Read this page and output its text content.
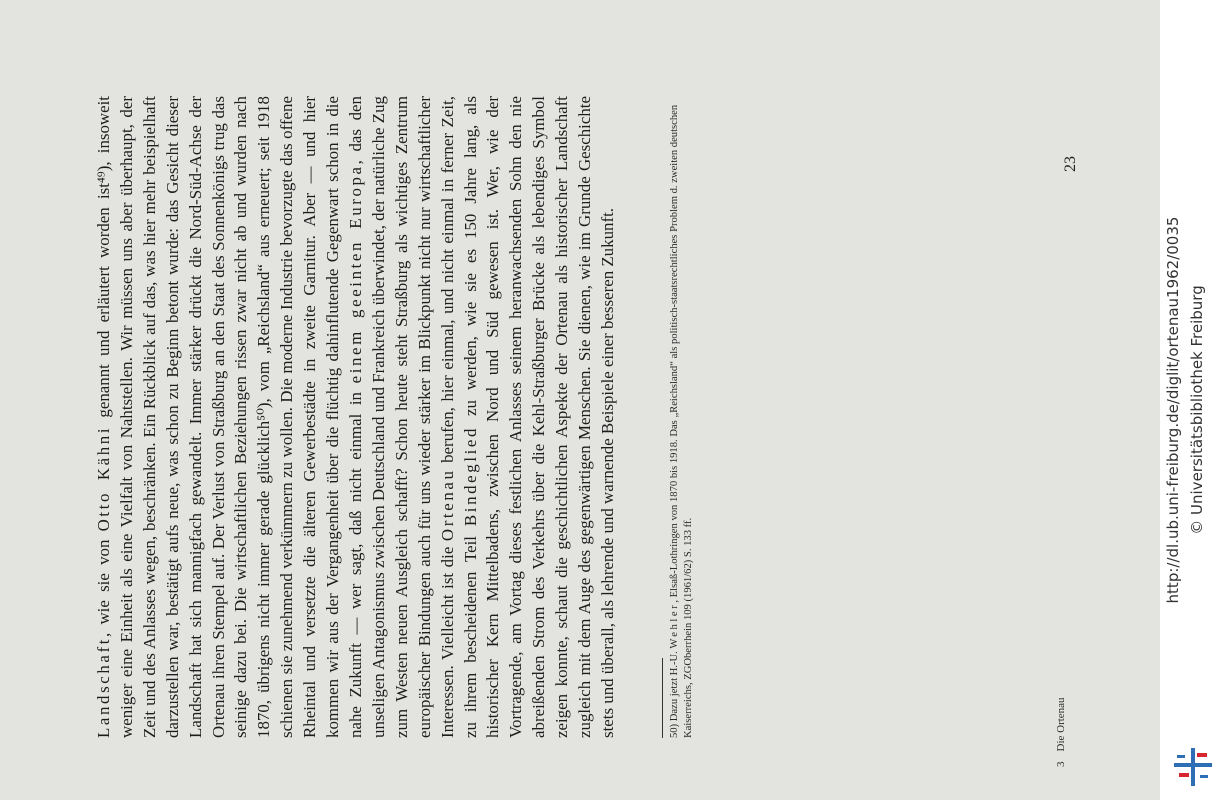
Landschaft, wie sie von Otto Kähni genannt und erläutert worden ist⁴⁹), insoweit weniger eine Einheit als eine Vielfalt von Nahtstellen. Wir müssen uns aber überhaupt, der Zeit und des Anlasses wegen, beschränken. Ein Rückblick auf das, was hier mehr beispielhaft darzustellen war, bestätigt aufs neue, was schon zu Beginn betont wurde: das Gesicht dieser Landschaft hat sich mannigfach gewandelt. Immer stärker drückt die Nord-Süd-Achse der Ortenau ihren Stempel auf. Der Verlust von Straßburg an den Staat des Sonnenkönigs trug das seinige dazu bei. Die wirtschaftlichen Beziehungen rissen zwar nicht ab und wurden nach 1870, übrigens nicht immer gerade glücklich⁵⁰), vom „Reichsland“ aus erneuert; seit 1918 schienen sie zunehmend verkümmern zu wollen. Die moderne Industrie bevorzugte das offene Rheintal und versetzte die älteren Gewerbestädte in zweite Garnitur. Aber — und hier kommen wir aus der Vergangenheit über die flüchtig dahinflutende Gegenwart schon in die nahe Zukunft — wer sagt, daß nicht einmal in einem geeinten Europa, das den unseligen Antagonismus zwischen Deutschland und Frankreich überwindet, der natürliche Zug zum Westen neuen Ausgleich schafft? Schon heute steht Straßburg als wichtiges Zentrum europäischer Bindungen auch für uns wieder stärker im Blickpunkt nicht nur wirtschaftlicher Interessen. Vielleicht ist die Ortenau berufen, hier einmal, und nicht einmal in ferner Zeit, zu ihrem bescheidenen Teil Bindeglied zu werden, wie sie es 150 Jahre lang, als historischer Kern Mittelbadens, zwischen Nord und Süd gewesen ist. Wer, wie der Vortragende, am Vortag dieses festlichen Anlasses seinem heranwachsenden Sohn den nie abreißenden Strom des Verkehrs über die Kehl-Straßburger Brücke als lebendiges Symbol zeigen konnte, schaut die geschichtlichen Aspekte der Ortenau als historischer Landschaft zugleich mit dem Auge des gegenwärtigen Menschen. Sie dienen, wie im Grunde Geschichte stets und überall, als lehrende und warnende Beispiele einer besseren Zukunft.	50) Dazu jetzt H.-U. Wehler, Elsaß-Lothringen von 1870 bis 1918. Das „Reichsland“ als politisch-staatsrechtliches Problem d. zweiten deutschen Kaiserreichs, ZGOberrhein 109 (1961/62) S. 133 ff.
23
3Die Ortenau
http://dl.ub.uni-freiburg.de/diglit/ortenau1962/0035 © Universitätsbibliothek Freiburg
